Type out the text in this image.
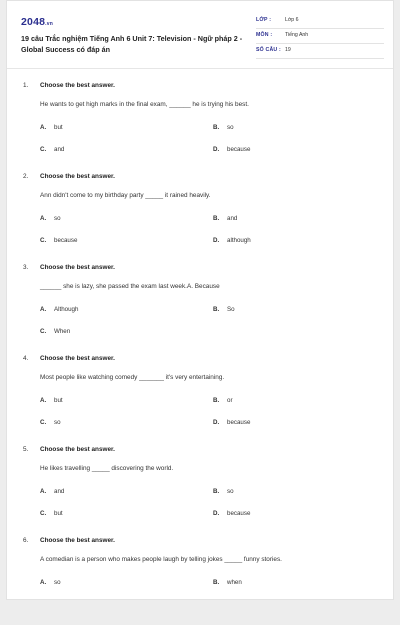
2048.vn
19 câu Trắc nghiệm Tiếng Anh 6 Unit 7: Television - Ngữ pháp 2 - Global Success có đáp án
LỚP :	Lớp 6
MÔN : Tiếng Anh
SỐ CÂU : 19
1. Choose the best answer.
He wants to get high marks in the final exam, ______ he is trying his best.
A. but	B. so
C. and	D. because
2. Choose the best answer.
Ann didn't come to my birthday party _____ it rained heavily.
A. so	B. and
C. because	D. although
3. Choose the best answer.
______ she is lazy, she passed the exam last week.A. Because
A. Although	B. So
C. When
4. Choose the best answer.
Most people like watching comedy _______ it's very entertaining.
A. but	B. or
C. so	D. because
5. Choose the best answer.
He likes travelling _____ discovering the world.
A. and	B. so
C. but	D. because
6. Choose the best answer.
A comedian is a person who makes people laugh by telling jokes _____ funny stories.
A. so	B. when
